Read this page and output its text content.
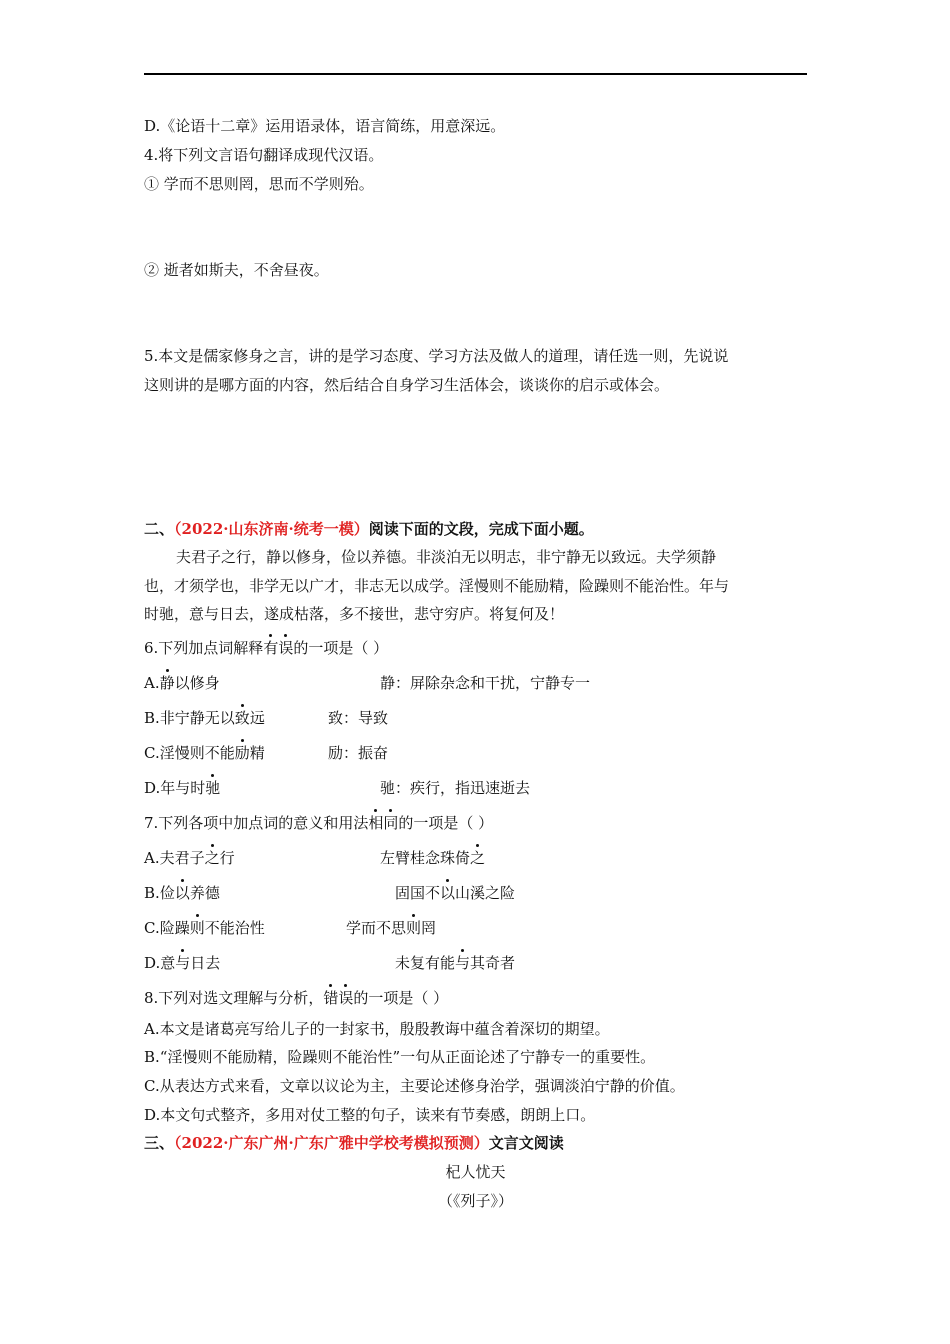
D.《论语十二章》运用语录体，语言简练，用意深远。
4.将下列文言语句翻译成现代汉语。
① 学而不思则罔，思而不学则殆。
② 逝者如斯夫，不舍昼夜。
5.本文是儒家修身之言，讲的是学习态度、学习方法及做人的道理，请任选一则，先说说
这则讲的是哪方面的内容，然后结合自身学习生活体会，谈谈你的启示或体会。
二、（2022·山东济南·统考一模）阅读下面的文段，完成下面小题。
夫君子之行，静以修身，俭以养德。非淡泊无以明志，非宁静无以致远。夫学须静
也，才须学也，非学无以广才，非志无以成学。淫慢则不能励精，险躁则不能治性。年与
时驰，意与日去，遂成枯落，多不接世，悲守穷庐。将复何及！
6.下列加点词解释有误的一项是（ ）
A.静以修身	静：屏除杂念和干扰，宁静专一
B.非宁静无以致远	致：导致
C.淫慢则不能励精	励：振奋
D.年与时驰	驰：疾行，指迅速逝去
7.下列各项中加点词的意义和用法相同的一项是（ ）
A.夫君子之行	左臂桂念珠倚之
B.俭以养德	固国不以山溪之险
C.险躁则不能治性	学而不思则罔
D.意与日去	未复有能与其奇者
8.下列对选文理解与分析，错误的一项是（ ）
A.本文是诸葛亮写给儿子的一封家书，殷殷教诲中蕴含着深切的期望。
B.“淫慢则不能励精，险躁则不能治性”一句从正面论述了宁静专一的重要性。
C.从表达方式来看，文章以议论为主，主要论述修身治学，强调淡泊宁静的价值。
D.本文句式整齐，多用对仗工整的句子，读来有节奏感，朗朗上口。
三、（2022·广东广州·广东广雅中学校考模拟预测）文言文阅读
杞人忧天
（《列子》）
